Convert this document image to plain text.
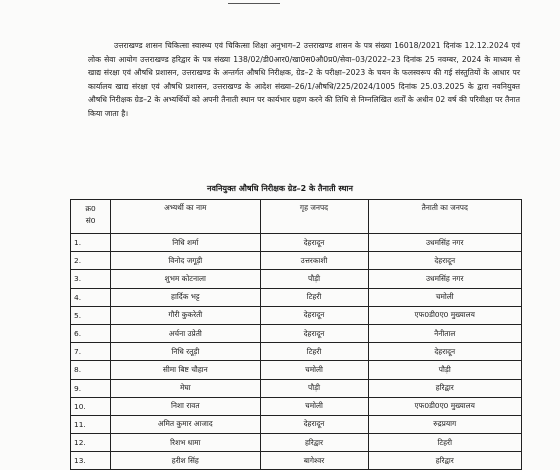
उत्तराखण्ड शासन चिकित्सा स्वास्थ्य एवं चिकित्सा शिक्षा अनुभाग–2 उत्तराखण्ड शासन के पत्र संख्या 16018/2021 दिनांक 12.12.2024 एवं लोक सेवा आयोग उत्तराखण्ड हरिद्वार के पत्र संख्या 138/02/डी0आर0/खा0स0औ0प्र0/सेवा–03/2022–23 दिनांक 25 नवम्बर, 2024 के माध्यम से खाद्य संरक्षा एवं औषधि प्रशासन, उत्तराखण्ड के अन्तर्गत औषधि निरीक्षक, ग्रेड–2 के परीक्षा–2023 के चयन के फलस्वरूप की गई संस्तुतियों के आधार पर कार्यालय खाद्य संरक्षा एवं औषधि प्रशासन, उत्तराखण्ड के आदेश संख्या–26/1/औषधि/225/2024/1005 दिनांक 25.03.2025 के द्वारा नवनियुक्त औषधि निरीक्षक ग्रेड–2 के अभ्यर्थियों को अपनी तैनाती स्थान पर कार्यभार ग्रहण करने की तिथि से निम्नलिखित शर्तों के अधीन 02 वर्ष की परिवीक्षा पर तैनात किया जाता है।
नवनियुक्त औषधि निरीक्षक ग्रेड–2 के तैनाती स्थान
क्र0
सं0	अभ्यर्थी का नाम	गृह जनपद	तैनाती का जनपद
1.	निधि शर्मा	देहरादून	उधमसिंह नगर
2.	विनोद जगूड़ी	उत्तरकाशी	देहरादून
3.	शुभम कोटनाला	पौड़ी	उधमसिंह नगर
4.	हार्दिक भट्ट	टिहरी	चमोली
5.	गौरी कुकरेती	देहरादून	एफ0डी0ए0 मुख्यालय
6.	अर्चना उप्रेती	देहरादून	नैनीताल
7.	निधि रतूड़ी	टिहरी	देहरादून
8.	सीमा बिष्ट चौहान	चमोली	पौड़ी
9.	मेघा	पौड़ी	हरिद्वार
10.	निशा रावत	चमोली	एफ0डी0ए0 मुख्यालय
11.	अमित कुमार आजाद	देहरादून	रुद्रप्रयाग
12.	रिशभ धामा	हरिद्वार	टिहरी
13.	हरीश सिंह	बागेश्वर	हरिद्वार
